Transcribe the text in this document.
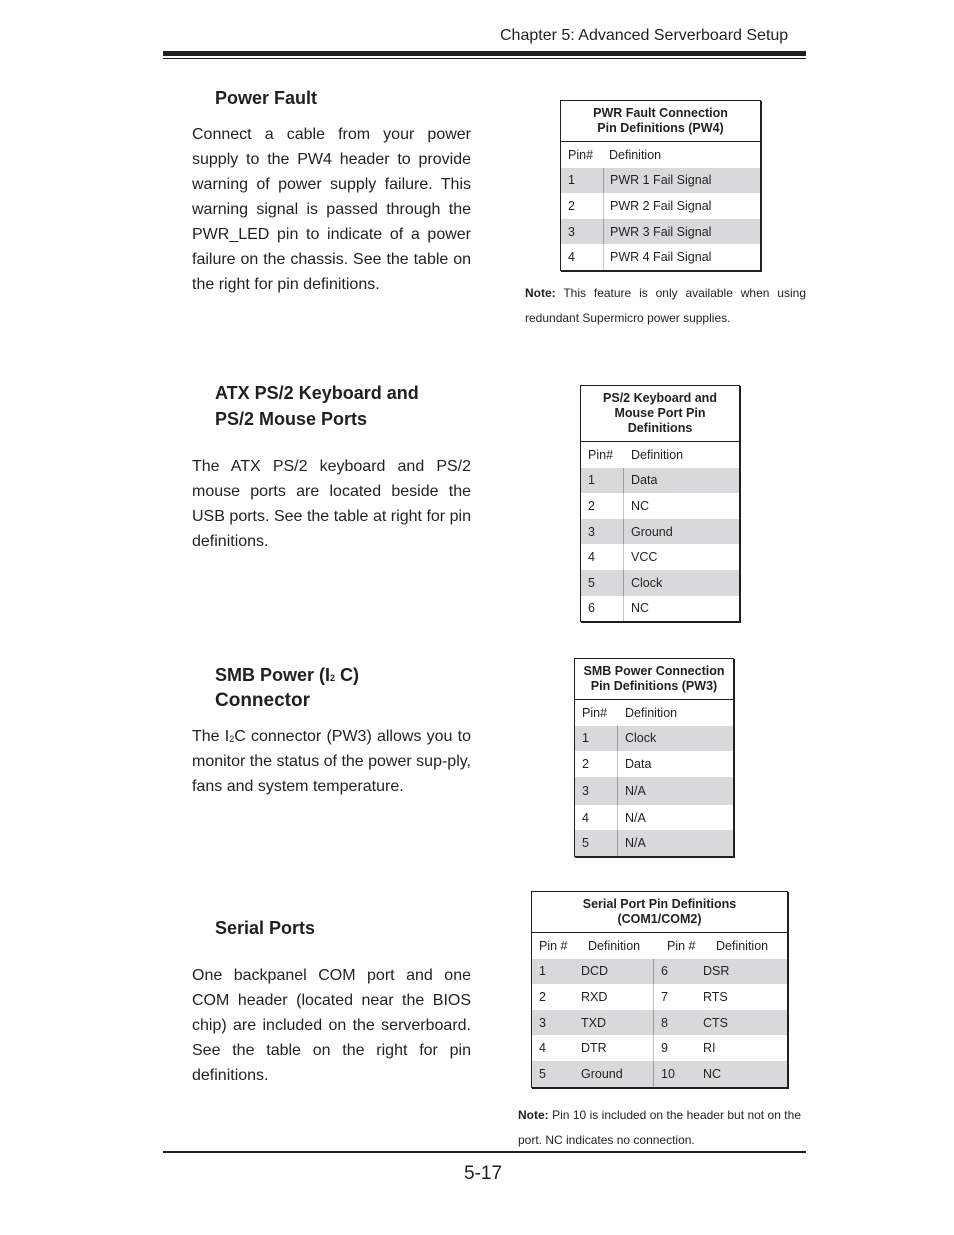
Chapter 5: Advanced Serverboard Setup
Power Fault
Connect a cable from your power supply to the PW4 header to provide warning of power supply failure. This warning signal is passed through the PWR_LED pin to indicate of a power failure on the chassis. See the table on the right for pin definitions.
PWR Fault Connection
Pin Definitions (PW4)
Pin#	Definition
1	PWR 1 Fail Signal
2	PWR 2 Fail Signal
3	PWR 3 Fail Signal
4	PWR 4 Fail Signal
Note: This feature is only available when using redundant Supermicro power supplies.
ATX PS/2 Keyboard and
PS/2 Mouse Ports
The ATX PS/2 keyboard and PS/2 mouse ports are located beside the USB ports. See the table at right for pin definitions.
PS/2 Keyboard and
Mouse Port Pin
Definitions
Pin#	Definition
1	Data
2	NC
3	Ground
4	VCC
5	Clock
6	NC
SMB Power ($I^2$ C)
Connector
The $I^2C$ connector (PW3) allows you to monitor the status of the power sup-ply, fans and system temperature.
SMB Power Connection
Pin Definitions (PW3)
Pin#	Definition
1	Clock
2	Data
3	N/A
4	N/A
5	N/A
Serial Ports
One backpanel COM port and one COM header (located near the BIOS chip) are included on the serverboard. See the table on the right for pin definitions.
Serial Port Pin Definitions
(COM1/COM2)
Pin #	Definition	Pin #	Definition
1	DCD	6	DSR
2	RXD	7	RTS
3	TXD	8	CTS
4	DTR	9	RI
5	Ground	10	NC
Note: Pin 10 is included on the header but not on the port. NC indicates no connection.
5-17
